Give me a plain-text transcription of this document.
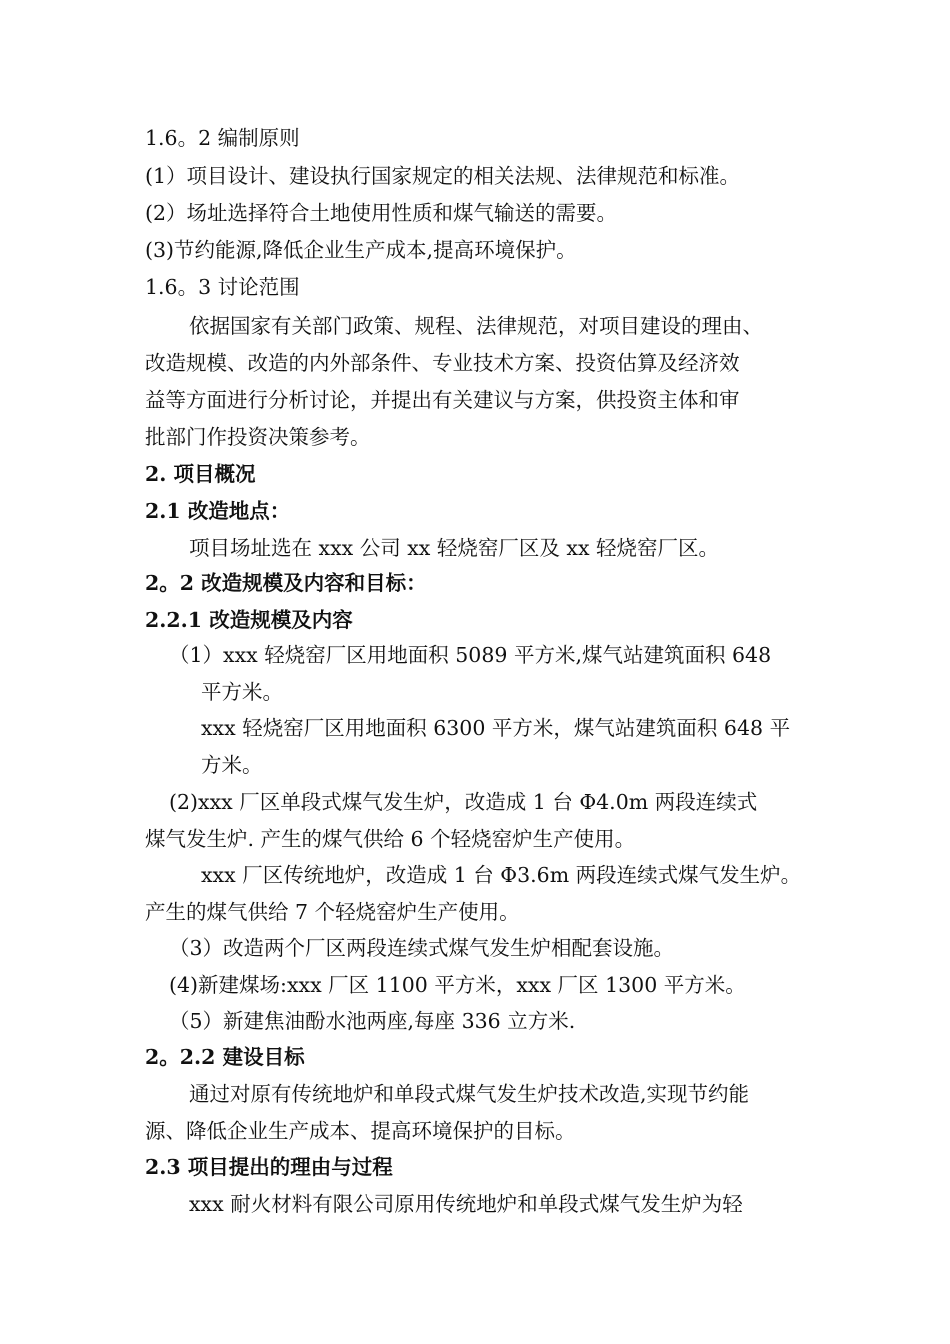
1.6。2 编制原则
(1）项目设计、建设执行国家规定的相关法规、法律规范和标准。
(2）场址选择符合土地使用性质和煤气输送的需要。
(3)节约能源,降低企业生产成本,提高环境保护。
1.6。3 讨论范围
依据国家有关部门政策、规程、法律规范，对项目建设的理由、
改造规模、改造的内外部条件、专业技术方案、投资估算及经济效
益等方面进行分析讨论，并提出有关建议与方案，供投资主体和审
批部门作投资决策参考。
2. 项目概况
2.1 改造地点：
项目场址选在 xxx 公司 xx 轻烧窑厂区及 xx 轻烧窑厂区。
2。2 改造规模及内容和目标：
2.2.1 改造规模及内容
（1）xxx 轻烧窑厂区用地面积 5089 平方米,煤气站建筑面积 648
平方米。
xxx 轻烧窑厂区用地面积 6300 平方米，煤气站建筑面积 648 平
方米。
(2)xxx 厂区单段式煤气发生炉，改造成 1 台 Φ4.0m 两段连续式
煤气发生炉. 产生的煤气供给 6 个轻烧窑炉生产使用。
xxx 厂区传统地炉，改造成 1 台 Φ3.6m 两段连续式煤气发生炉。
产生的煤气供给 7 个轻烧窑炉生产使用。
（3）改造两个厂区两段连续式煤气发生炉相配套设施。
(4)新建煤场:xxx 厂区 1100 平方米，xxx 厂区 1300 平方米。
（5）新建焦油酚水池两座,每座 336 立方米.
2。2.2 建设目标
通过对原有传统地炉和单段式煤气发生炉技术改造,实现节约能
源、降低企业生产成本、提高环境保护的目标。
2.3 项目提出的理由与过程
xxx 耐火材料有限公司原用传统地炉和单段式煤气发生炉为轻
